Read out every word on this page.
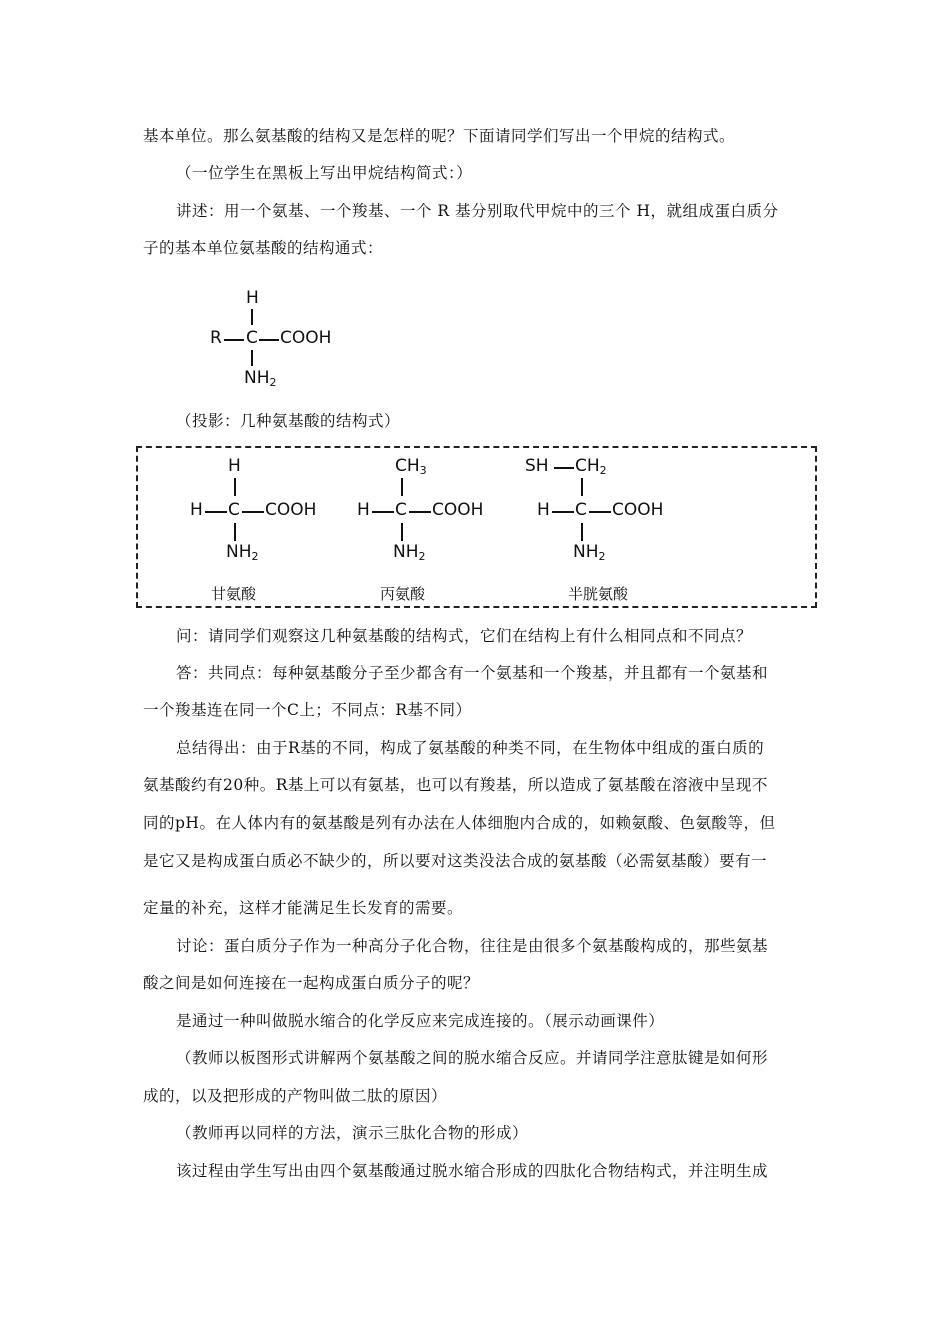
基本单位。那么氨基酸的结构又是怎样的呢？下面请同学们写出一个甲烷的结构式。
（一位学生在黑板上写出甲烷结构简式：）
讲述：用一个氨基、一个羧基、一个 R 基分别取代甲烷中的三个 H，就组成蛋白质分
子的基本单位氨基酸的结构通式：
H
R C COOH
$NH_2$
（投影：几种氨基酸的结构式）
H
H C COOH
$NH_2$
甘氨酸
$CH_3$
H C COOH
$NH_2$
丙氨酸
SH $CH_2$
H C COOH
$NH_2$
半胱氨酸
问：请同学们观察这几种氨基酸的结构式，它们在结构上有什么相同点和不同点？
答：共同点：每种氨基酸分子至少都含有一个氨基和一个羧基，并且都有一个氨基和
一个羧基连在同一个C上；不同点：R基不同）
总结得出：由于R基的不同，构成了氨基酸的种类不同，在生物体中组成的蛋白质的
氨基酸约有20种。R基上可以有氨基，也可以有羧基，所以造成了氨基酸在溶液中呈现不
同的pH。在人体内有的氨基酸是列有办法在人体细胞内合成的，如赖氨酸、色氨酸等，但
是它又是构成蛋白质必不缺少的，所以要对这类没法合成的氨基酸（必需氨基酸）要有一
定量的补充，这样才能满足生长发育的需要。
讨论：蛋白质分子作为一种高分子化合物，往往是由很多个氨基酸构成的，那些氨基
酸之间是如何连接在一起构成蛋白质分子的呢？
是通过一种叫做脱水缩合的化学反应来完成连接的。（展示动画课件）
（教师以板图形式讲解两个氨基酸之间的脱水缩合反应。并请同学注意肽键是如何形
成的，以及把形成的产物叫做二肽的原因）
（教师再以同样的方法，演示三肽化合物的形成）
该过程由学生写出由四个氨基酸通过脱水缩合形成的四肽化合物结构式，并注明生成
